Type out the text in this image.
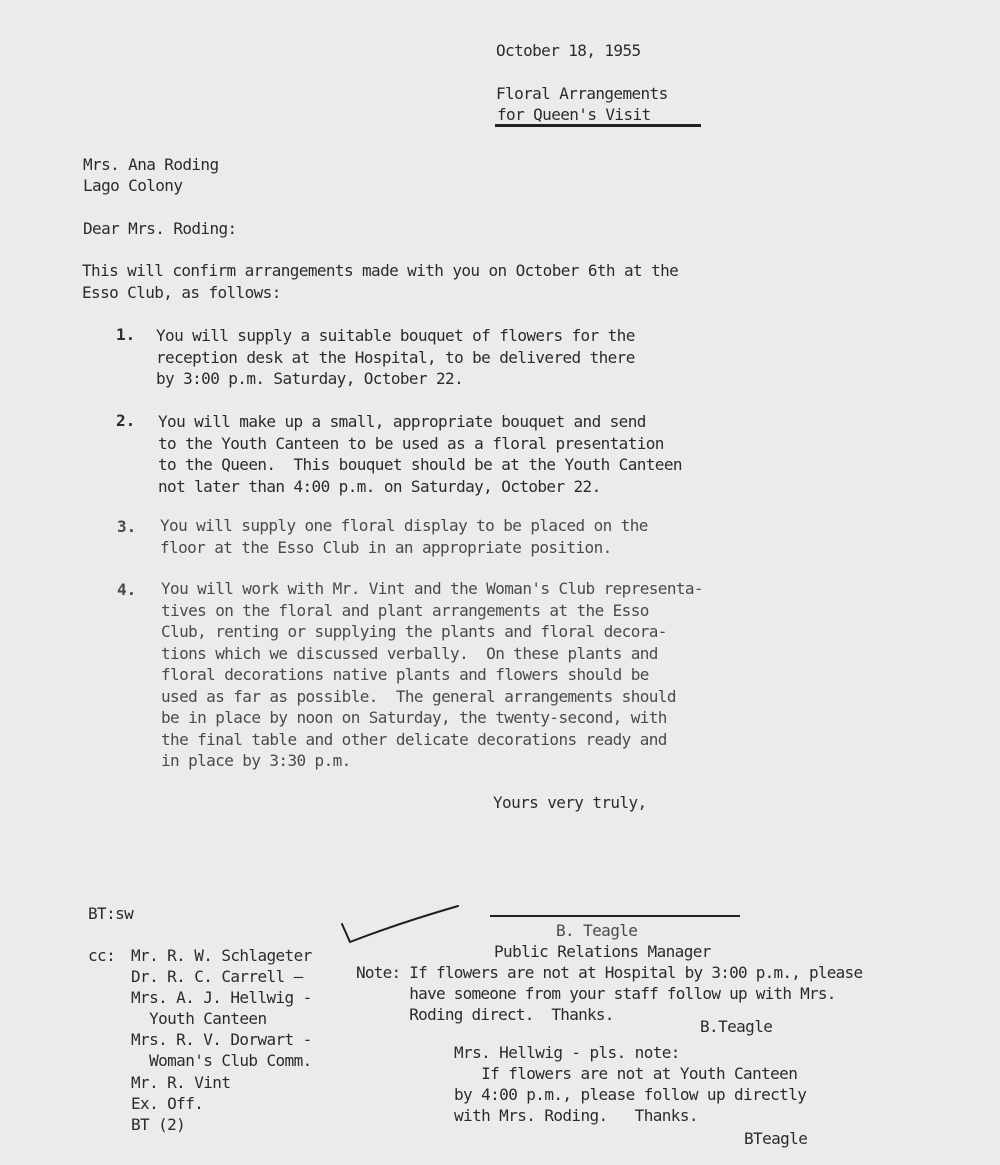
October 18, 1955
Floral Arrangements
for Queen's Visit
Mrs. Ana Roding
Lago Colony
Dear Mrs. Roding:
This will confirm arrangements made with you on October 6th at the
Esso Club, as follows:
1. You will supply a suitable bouquet of flowers for the
reception desk at the Hospital, to be delivered there
by 3:00 p.m. Saturday, October 22.
2. You will make up a small, appropriate bouquet and send
to the Youth Canteen to be used as a floral presentation
to the Queen.  This bouquet should be at the Youth Canteen
not later than 4:00 p.m. on Saturday, October 22.
3. You will supply one floral display to be placed on the
floor at the Esso Club in an appropriate position.
4. You will work with Mr. Vint and the Woman's Club representa-
tives on the floral and plant arrangements at the Esso
Club, renting or supplying the plants and floral decora-
tions which we discussed verbally.  On these plants and
floral decorations native plants and flowers should be
used as far as possible.  The general arrangements should
be in place by noon on Saturday, the twenty-second, with
the final table and other delicate decorations ready and
in place by 3:30 p.m.
Yours very truly,
BT:sw
B. Teagle
Public Relations Manager
cc: Mr. R. W. Schlageter
Dr. R. C. Carrell —
Mrs. A. J. Hellwig -
Youth Canteen
Mrs. R. V. Dorwart -
Woman's Club Comm.
Mr. R. Vint
Ex. Off.
BT (2)
Note: If flowers are not at Hospital by 3:00 p.m., please
have someone from your staff follow up with Mrs.
Roding direct.  Thanks.
B.Teagle
Mrs. Hellwig - pls. note:
If flowers are not at Youth Canteen
by 4:00 p.m., please follow up directly
with Mrs. Roding.   Thanks.
BTeagle
